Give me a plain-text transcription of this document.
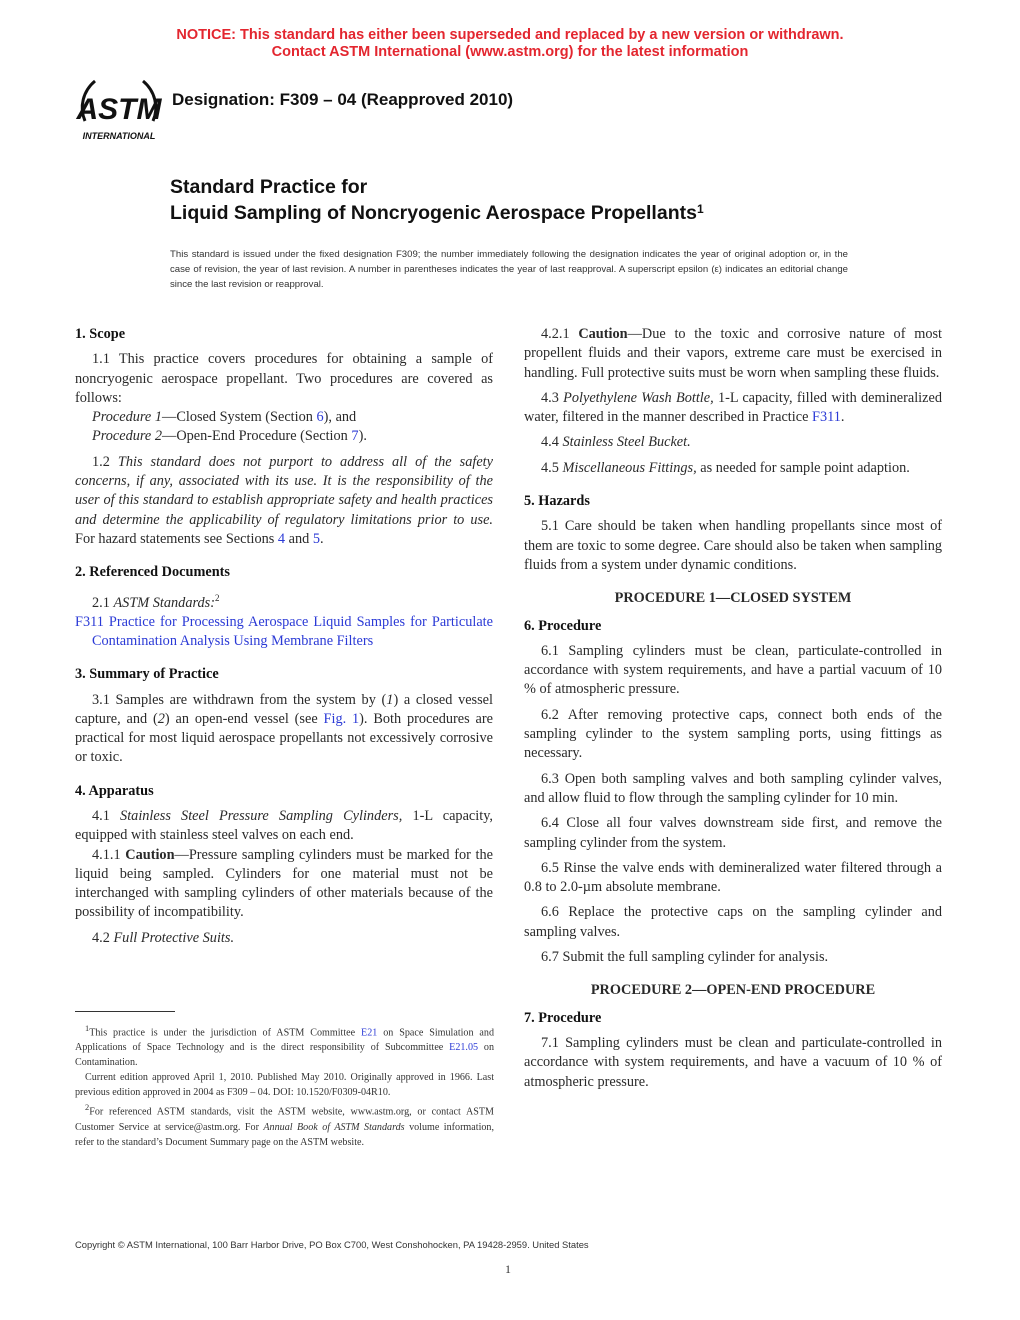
NOTICE: This standard has either been superseded and replaced by a new version or withdrawn.
Contact ASTM International (www.astm.org) for the latest information
ASTM
INTERNATIONAL
Designation: F309 – 04 (Reapproved 2010)
Standard Practice for
Liquid Sampling of Noncryogenic Aerospace Propellants$^1$
This standard is issued under the fixed designation F309; the number immediately following the designation indicates the year of original adoption or, in the case of revision, the year of last revision. A number in parentheses indicates the year of last reapproval. A superscript epsilon (ε) indicates an editorial change since the last revision or reapproval.
1. Scope

1.1 This practice covers procedures for obtaining a sample of noncryogenic aerospace propellant. Two procedures are covered as follows:

Procedure 1—Closed System (Section 6), and

Procedure 2—Open-End Procedure (Section 7).

1.2 This standard does not purport to address all of the safety concerns, if any, associated with its use. It is the responsibility of the user of this standard to establish appropriate safety and health practices and determine the applicability of regulatory limitations prior to use. For hazard statements see Sections 4 and 5.

2. Referenced Documents

2.1 ASTM Standards:$^2$

F311 Practice for Processing Aerospace Liquid Samples for Particulate Contamination Analysis Using Membrane Filters

3. Summary of Practice

3.1 Samples are withdrawn from the system by (1) a closed vessel capture, and (2) an open-end vessel (see Fig. 1). Both procedures are practical for most liquid aerospace propellants not excessively corrosive or toxic.

4. Apparatus

4.1 Stainless Steel Pressure Sampling Cylinders, 1-L capacity, equipped with stainless steel valves on each end.

4.1.1 Caution—Pressure sampling cylinders must be marked for the liquid being sampled. Cylinders for one material must not be interchanged with sampling cylinders of other materials because of the possibility of incompatibility.

4.2 Full Protective Suits.

4.2.1 Caution—Due to the toxic and corrosive nature of most propellent fluids and their vapors, extreme care must be exercised in handling. Full protective suits must be worn when sampling these fluids.

4.3 Polyethylene Wash Bottle, 1-L capacity, filled with demineralized water, filtered in the manner described in Practice F311.

4.4 Stainless Steel Bucket.

4.5 Miscellaneous Fittings, as needed for sample point adaption.

5. Hazards

5.1 Care should be taken when handling propellants since most of them are toxic to some degree. Care should also be taken when sampling fluids from a system under dynamic conditions.

PROCEDURE 1—CLOSED SYSTEM

6. Procedure

6.1 Sampling cylinders must be clean, particulate-controlled in accordance with system requirements, and have a partial vacuum of 10 % of atmospheric pressure.

6.2 After removing protective caps, connect both ends of the sampling cylinder to the system sampling ports, using fittings as necessary.

6.3 Open both sampling valves and both sampling cylinder valves, and allow fluid to flow through the sampling cylinder for 10 min.

6.4 Close all four valves downstream side first, and remove the sampling cylinder from the system.

6.5 Rinse the valve ends with demineralized water filtered through a 0.8 to 2.0-µm absolute membrane.

6.6 Replace the protective caps on the sampling cylinder and sampling valves.

6.7 Submit the full sampling cylinder for analysis.

PROCEDURE 2—OPEN-END PROCEDURE

7. Procedure

7.1 Sampling cylinders must be clean and particulate-controlled in accordance with system requirements, and have a vacuum of 10 % of atmospheric pressure.

$^1$This practice is under the jurisdiction of ASTM Committee E21 on Space Simulation and Applications of Space Technology and is the direct responsibility of Subcommittee E21.05 on Contamination.

Current edition approved April 1, 2010. Published May 2010. Originally approved in 1966. Last previous edition approved in 2004 as F309 – 04. DOI: 10.1520/F0309-04R10.

$^2$For referenced ASTM standards, visit the ASTM website, www.astm.org, or contact ASTM Customer Service at service@astm.org. For Annual Book of ASTM Standards volume information, refer to the standard’s Document Summary page on the ASTM website.

Copyright © ASTM International, 100 Barr Harbor Drive, PO Box C700, West Conshohocken, PA 19428-2959. United States
1
